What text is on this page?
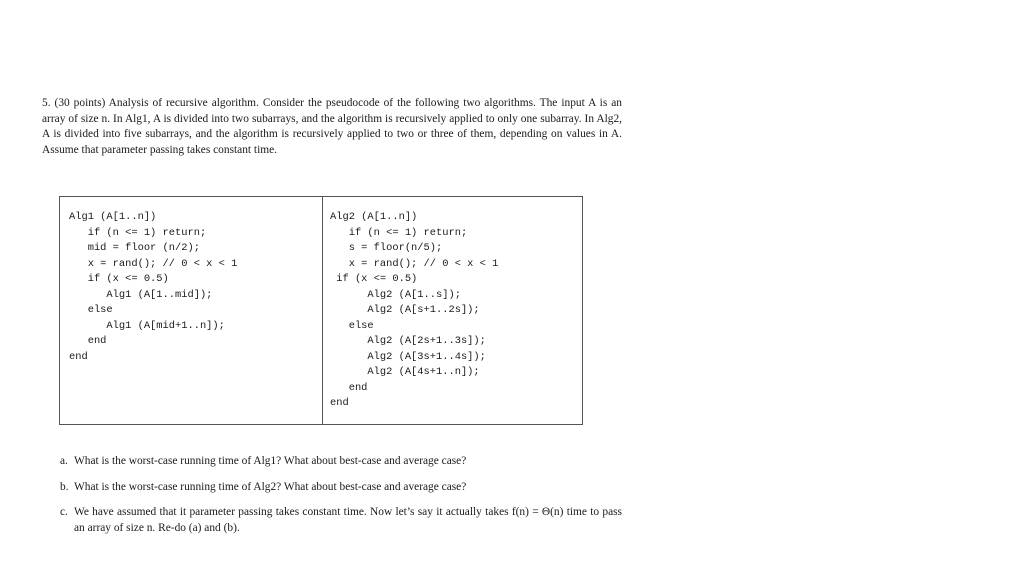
5. (30 points) Analysis of recursive algorithm. Consider the pseudocode of the following two algorithms. The input A is an array of size n. In Alg1, A is divided into two subarrays, and the algorithm is recursively applied to only one subarray. In Alg2, A is divided into five subarrays, and the algorithm is recursively applied to two or three of them, depending on values in A. Assume that parameter passing takes constant time.

Alg1 (A[1..n])
if (n <= 1) return;
mid = floor (n/2);
x = rand(); // 0 < x < 1
if (x <= 0.5)
Alg1 (A[1..mid]);
else
Alg1 (A[mid+1..n]);
end
end
Alg2 (A[1..n])
if (n <= 1) return;
s = floor(n/5);
x = rand(); // 0 < x < 1
if (x <= 0.5)
Alg2 (A[1..s]);
Alg2 (A[s+1..2s]);
else
Alg2 (A[2s+1..3s]);
Alg2 (A[3s+1..4s]);
Alg2 (A[4s+1..n]);
end
end

a. What is the worst-case running time of Alg1? What about best-case and average case?

b. What is the worst-case running time of Alg2? What about best-case and average case?

c. We have assumed that it parameter passing takes constant time. Now let’s say it actually takes f(n) = Θ(n) time to pass an array of size n. Re-do (a) and (b).
